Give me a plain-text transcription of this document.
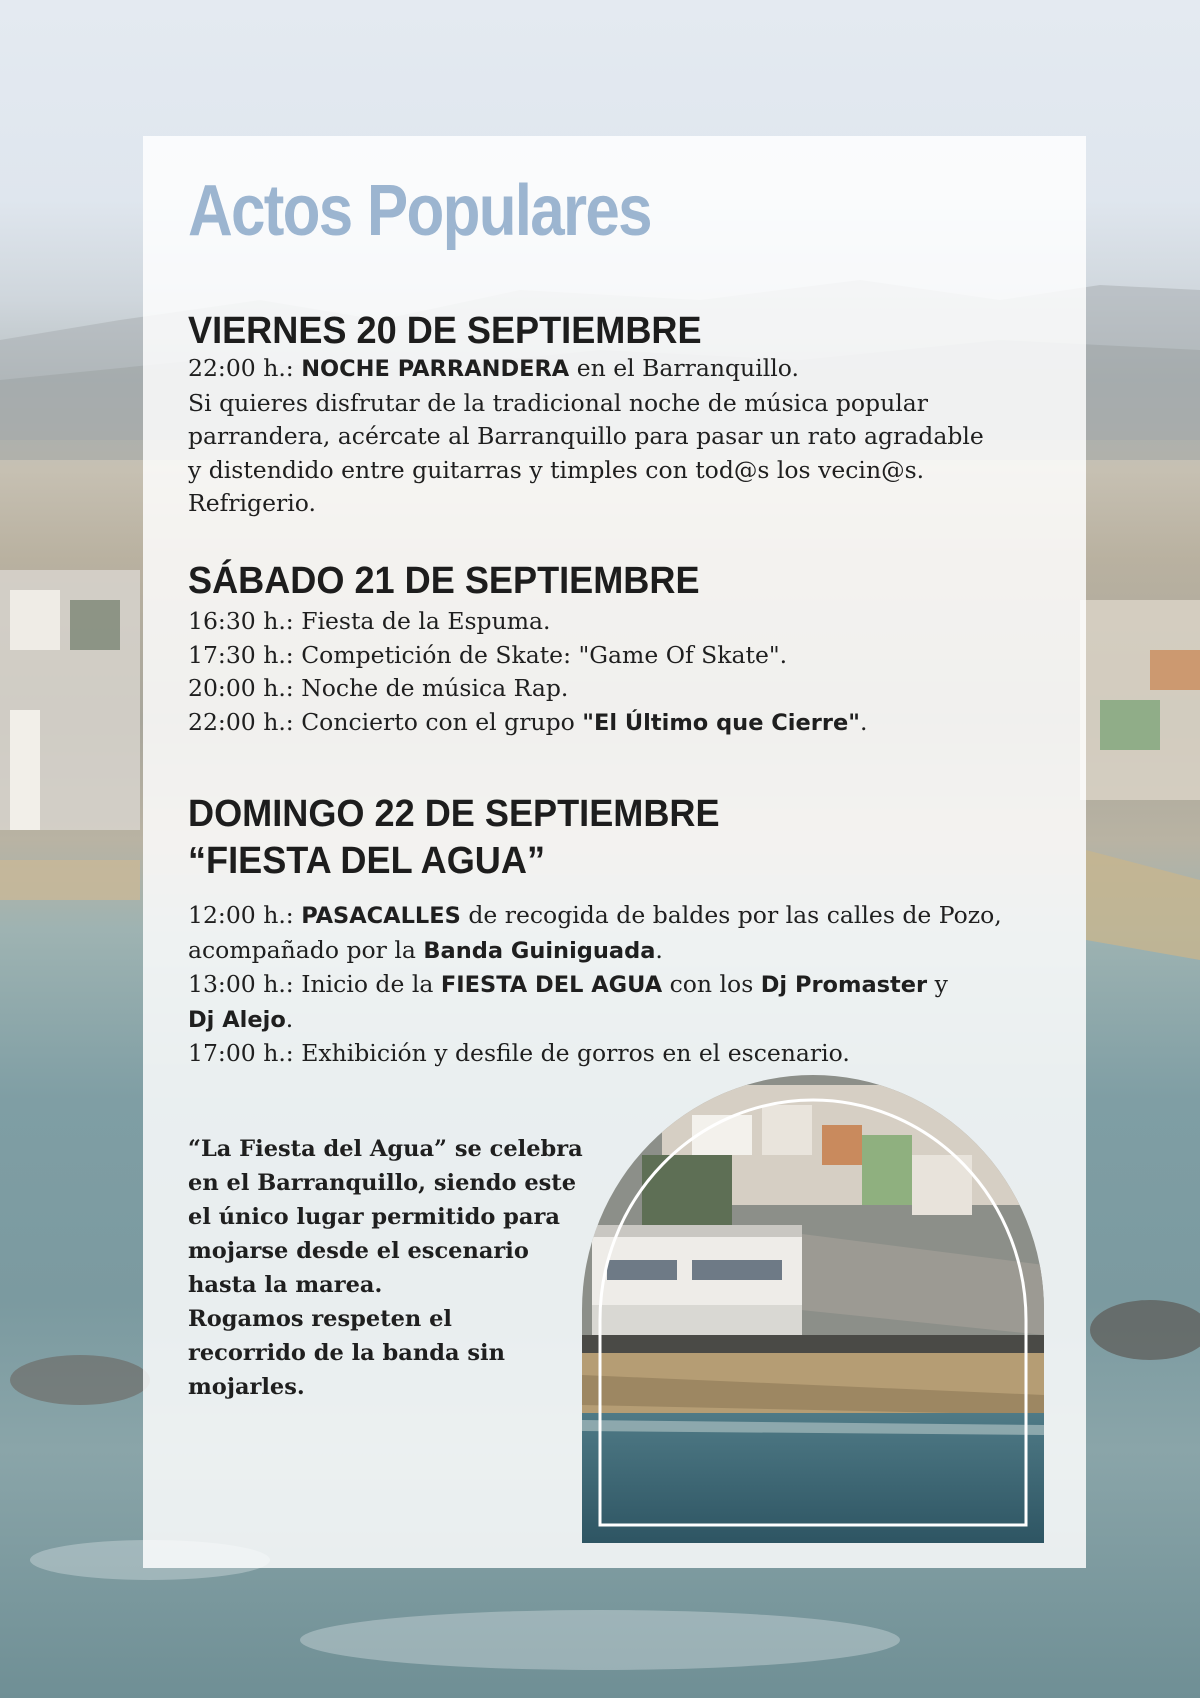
Actos Populares
VIERNES 20 DE SEPTIEMBRE
22:00 h.: NOCHE PARRANDERA en el Barranquillo.
Si quieres disfrutar de la tradicional noche de música popular
parrandera, acércate al Barranquillo para pasar un rato agradable
y distendido entre guitarras y timples con tod@s los vecin@s.
Refrigerio.
SÁBADO 21 DE SEPTIEMBRE
16:30 h.: Fiesta de la Espuma.
17:30 h.: Competición de Skate: "Game Of Skate".
20:00 h.: Noche de música Rap.
22:00 h.: Concierto con el grupo "El Último que Cierre".
DOMINGO 22 DE SEPTIEMBRE
“FIESTA DEL AGUA”
12:00 h.: PASACALLES de recogida de baldes por las calles de Pozo,
acompañado por la Banda Guiniguada.
13:00 h.: Inicio de la FIESTA DEL AGUA con los Dj Promaster y
Dj Alejo.
17:00 h.: Exhibición y desfile de gorros en el escenario.
“La Fiesta del Agua” se celebra
en el Barranquillo, siendo este
el único lugar permitido para
mojarse desde el escenario
hasta la marea.
Rogamos respeten el
recorrido de la banda sin
mojarles.
